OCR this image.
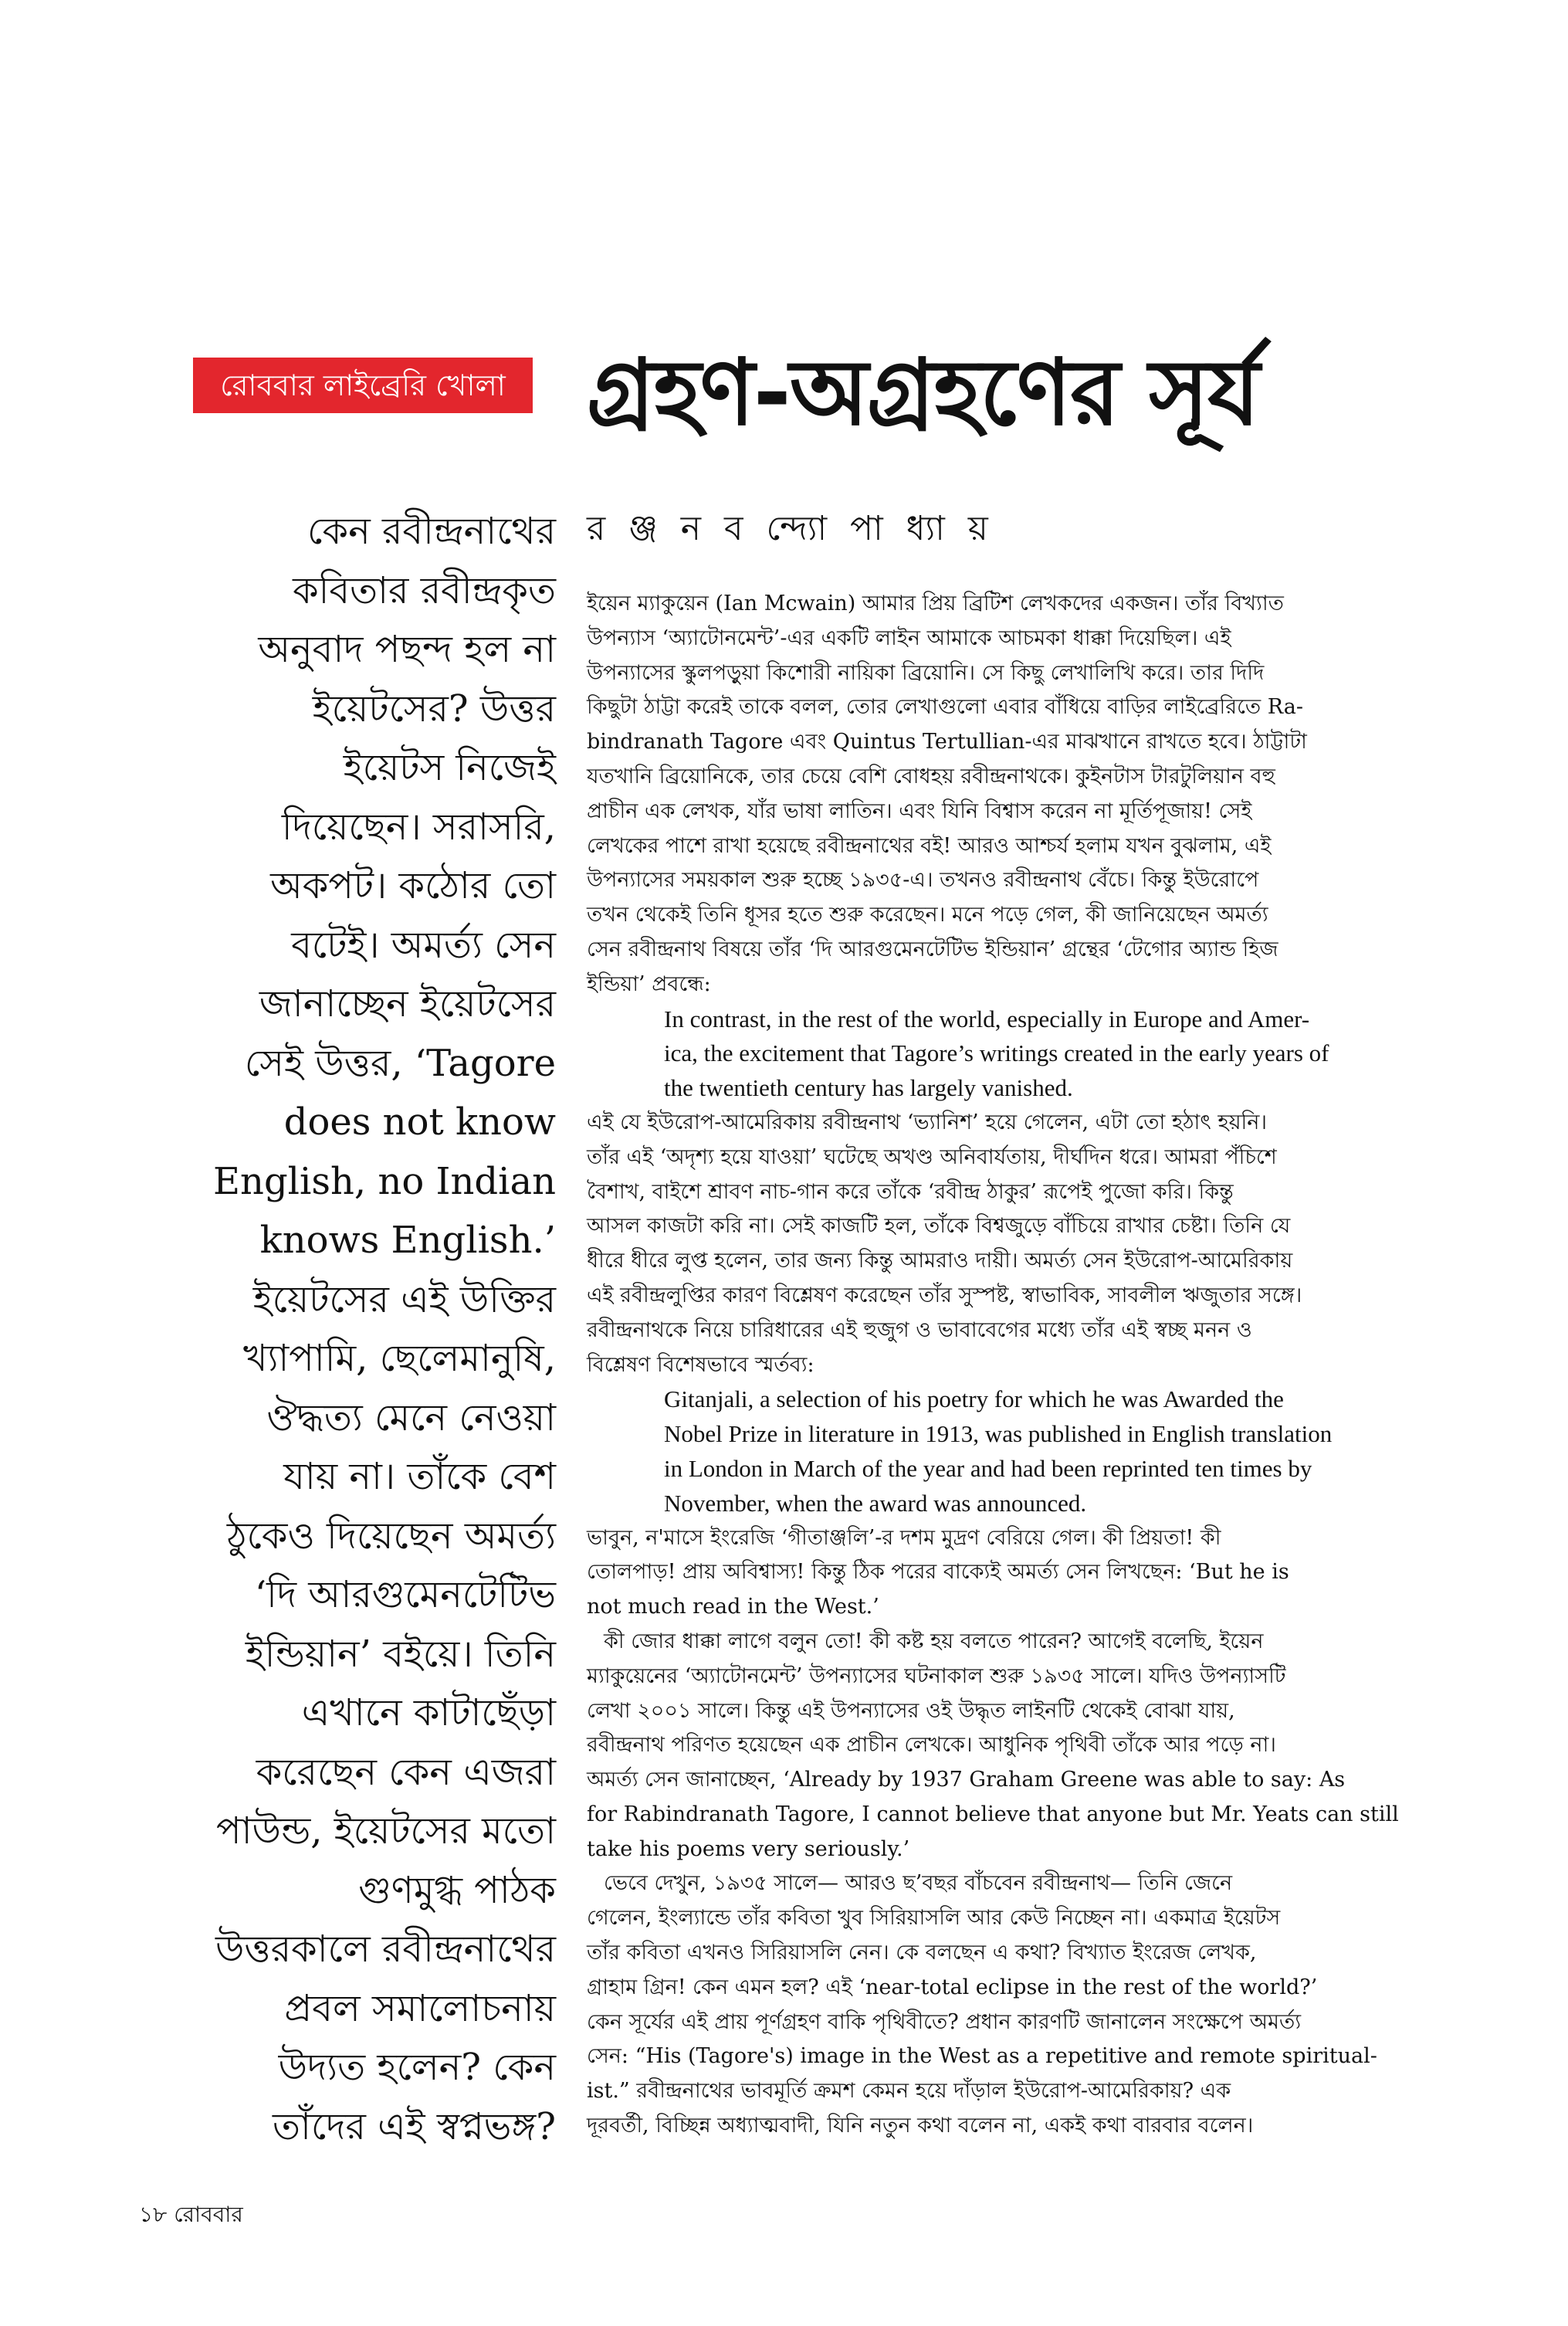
রোববার লাইব্রেরি খোলা গ্রহণ-অগ্রহণের সূর্য
র ঞ্জ ন ব ন্দ্যো পা ধ্যা য়
কেন রবীন্দ্রনাথের
কবিতার রবীন্দ্রকৃত
অনুবাদ পছন্দ হল না
ইয়েটসের? উত্তর
ইয়েটস নিজেই
দিয়েছেন। সরাসরি,
অকপট। কঠোর তো
বটেই। অমর্ত্য সেন
জানাচ্ছেন ইয়েটসের
সেই উত্তর, ‘Tagore
does not know
English, no Indian
knows English.’
ইয়েটসের এই উক্তির
খ্যাপামি, ছেলেমানুষি,
ঔদ্ধত্য মেনে নেওয়া
যায় না। তাঁকে বেশ
ঠুকেও দিয়েছেন অমর্ত্য
‘দি আরগুমেনটেটিভ
ইন্ডিয়ান’ বইয়ে। তিনি
এখানে কাটাছেঁড়া
করেছেন কেন এজরা
পাউন্ড, ইয়েটসের মতো
গুণমুগ্ধ পাঠক
উত্তরকালে রবীন্দ্রনাথের
প্রবল সমালোচনায়
উদ্যত হলেন? কেন
তাঁদের এই স্বপ্নভঙ্গ?
ইয়েন ম্যাকুয়েন (Ian Mcwain) আমার প্রিয় ব্রিটিশ লেখকদের একজন। তাঁর বিখ্যাত
উপন্যাস ‘অ্যাটোনমেন্ট’-এর একটি লাইন আমাকে আচমকা ধাক্কা দিয়েছিল। এই
উপন্যাসের স্কুলপড়ুয়া কিশোরী নায়িকা ব্রিয়োনি। সে কিছু লেখালিখি করে। তার দিদি
কিছুটা ঠাট্টা করেই তাকে বলল, তোর লেখাগুলো এবার বাঁধিয়ে বাড়ির লাইব্রেরিতে Ra-
bindranath Tagore এবং Quintus Tertullian-এর মাঝখানে রাখতে হবে। ঠাট্টাটা
যতখানি ব্রিয়োনিকে, তার চেয়ে বেশি বোধহয় রবীন্দ্রনাথকে। কুইনটাস টারটুলিয়ান বহু
প্রাচীন এক লেখক, যাঁর ভাষা লাতিন। এবং যিনি বিশ্বাস করেন না মূর্তিপূজায়! সেই
লেখকের পাশে রাখা হয়েছে রবীন্দ্রনাথের বই! আরও আশ্চর্য হলাম যখন বুঝলাম, এই
উপন্যাসের সময়কাল শুরু হচ্ছে ১৯৩৫-এ। তখনও রবীন্দ্রনাথ বেঁচে। কিন্তু ইউরোপে
তখন থেকেই তিনি ধূসর হতে শুরু করেছেন। মনে পড়ে গেল, কী জানিয়েছেন অমর্ত্য
সেন রবীন্দ্রনাথ বিষয়ে তাঁর ‘দি আরগুমেনটেটিভ ইন্ডিয়ান’ গ্রন্থের ‘টেগোর অ্যান্ড হিজ
ইন্ডিয়া’ প্রবন্ধে:
In contrast, in the rest of the world, especially in Europe and Amer-
ica, the excitement that Tagore’s writings created in the early years of
the twentieth century has largely vanished.
এই যে ইউরোপ-আমেরিকায় রবীন্দ্রনাথ ‘ভ্যানিশ’ হয়ে গেলেন, এটা তো হঠাৎ হয়নি।
তাঁর এই ‘অদৃশ্য হয়ে যাওয়া’ ঘটেছে অখণ্ড অনিবার্যতায়, দীর্ঘদিন ধরে। আমরা পঁচিশে
বৈশাখ, বাইশে শ্রাবণ নাচ-গান করে তাঁকে ‘রবীন্দ্র ঠাকুর’ রূপেই পুজো করি। কিন্তু
আসল কাজটা করি না। সেই কাজটি হল, তাঁকে বিশ্বজুড়ে বাঁচিয়ে রাখার চেষ্টা। তিনি যে
ধীরে ধীরে লুপ্ত হলেন, তার জন্য কিন্তু আমরাও দায়ী। অমর্ত্য সেন ইউরোপ-আমেরিকায়
এই রবীন্দ্রলুপ্তির কারণ বিশ্লেষণ করেছেন তাঁর সুস্পষ্ট, স্বাভাবিক, সাবলীল ঋজুতার সঙ্গে।
রবীন্দ্রনাথকে নিয়ে চারিধারের এই হুজুগ ও ভাবাবেগের মধ্যে তাঁর এই স্বচ্ছ মনন ও
বিশ্লেষণ বিশেষভাবে স্মর্তব্য:
Gitanjali, a selection of his poetry for which he was Awarded the
Nobel Prize in literature in 1913, was published in English translation
in London in March of the year and had been reprinted ten times by
November, when the award was announced.
ভাবুন, ন'মাসে ইংরেজি ‘গীতাঞ্জলি’-র দশম মুদ্রণ বেরিয়ে গেল। কী প্রিয়তা! কী
তোলপাড়! প্রায় অবিশ্বাস্য! কিন্তু ঠিক পরের বাক্যেই অমর্ত্য সেন লিখছেন: ‘But he is
not much read in the West.’
কী জোর ধাক্কা লাগে বলুন তো! কী কষ্ট হয় বলতে পারেন? আগেই বলেছি, ইয়েন
ম্যাকুয়েনের ‘অ্যাটোনমেন্ট’ উপন্যাসের ঘটনাকাল শুরু ১৯৩৫ সালে। যদিও উপন্যাসটি
লেখা ২০০১ সালে। কিন্তু এই উপন্যাসের ওই উদ্ধৃত লাইনটি থেকেই বোঝা যায়,
রবীন্দ্রনাথ পরিণত হয়েছেন এক প্রাচীন লেখকে। আধুনিক পৃথিবী তাঁকে আর পড়ে না।
অমর্ত্য সেন জানাচ্ছেন, ‘Already by 1937 Graham Greene was able to say: As
for Rabindranath Tagore, I cannot believe that anyone but Mr. Yeats can still
take his poems very seriously.’
ভেবে দেখুন, ১৯৩৫ সালে— আরও ছ’বছর বাঁচবেন রবীন্দ্রনাথ— তিনি জেনে
গেলেন, ইংল্যান্ডে তাঁর কবিতা খুব সিরিয়াসলি আর কেউ নিচ্ছেন না। একমাত্র ইয়েটস
তাঁর কবিতা এখনও সিরিয়াসলি নেন। কে বলছেন এ কথা? বিখ্যাত ইংরেজ লেখক,
গ্রাহাম গ্রিন! কেন এমন হল? এই ‘near-total eclipse in the rest of the world?’
কেন সূর্যের এই প্রায় পূর্ণগ্রহণ বাকি পৃথিবীতে? প্রধান কারণটি জানালেন সংক্ষেপে অমর্ত্য
সেন: “His (Tagore's) image in the West as a repetitive and remote spiritual-
ist.” রবীন্দ্রনাথের ভাবমূর্তি ক্রমশ কেমন হয়ে দাঁড়াল ইউরোপ-আমেরিকায়? এক
দূরবর্তী, বিচ্ছিন্ন অধ্যাত্মবাদী, যিনি নতুন কথা বলেন না, একই কথা বারবার বলেন।
১৮ রোববার
